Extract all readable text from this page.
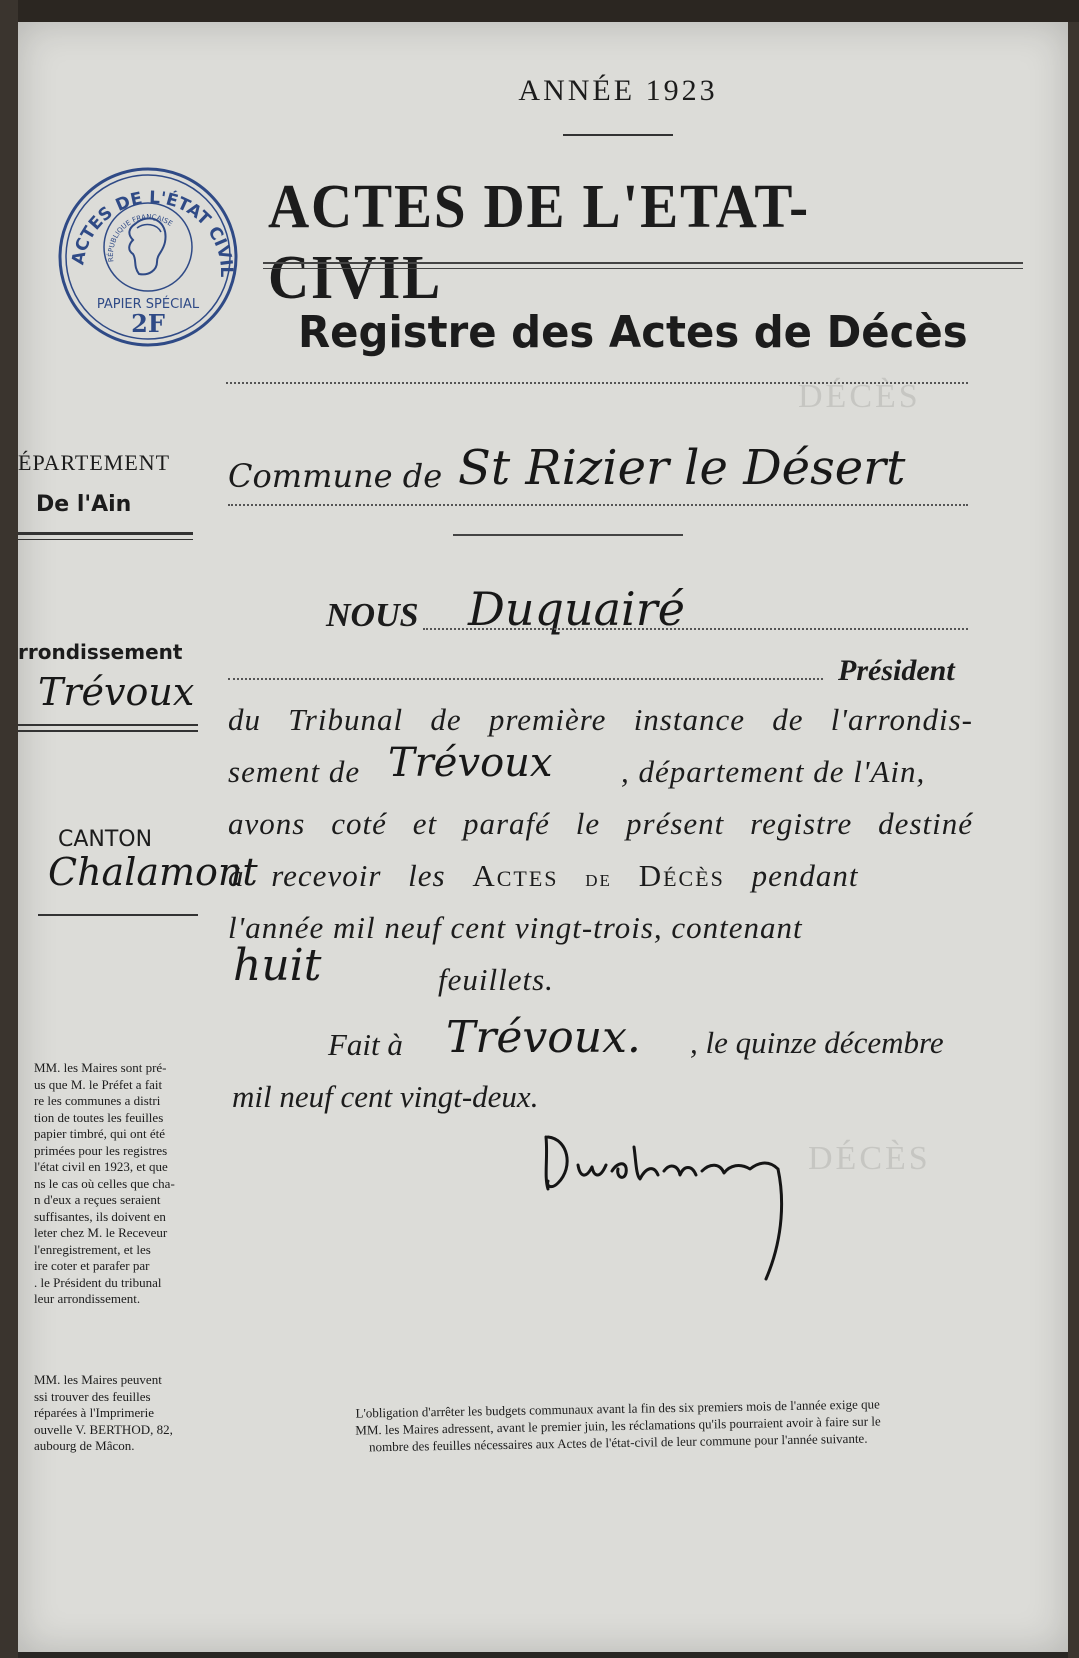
DÉCÈS
DÉCÈS
ANNÉE 1923
ACTES DE L'ETAT-CIVIL
Registre des Actes de Décès
ACTES DE L'ÉTAT CIVIL
RÉPUBLIQUE FRANÇAISE
PAPIER SPÉCIAL
2F
ÉPARTEMENT
De l'Ain
Commune de St Rizier le Désert
NOUS Duquairé
rrondissement
Trévoux	Président
du Tribunal de première instance de l'arrondis-
sement de Trévoux , département de l'Ain,
avons coté et parafé le présent registre destiné
à recevoir les Actes de Décès pendant
l'année mil neuf cent vingt-trois, contenant
huit	feuillets.
CANTON
Chalamont
Fait à Trévoux. , le quinze décembre
mil neuf cent vingt-deux.
MM. les Maires sont pré-
us que M. le Préfet a fait
re les communes a distri
tion de toutes les feuilles
papier timbré, qui ont été
primées pour les registres
l'état civil en 1923, et que
ns le cas où celles que cha-
n d'eux a reçues seraient
suffisantes, ils doivent en
leter chez M. le Receveur
l'enregistrement, et les
ire coter et parafer par
. le Président du tribunal
leur arrondissement.
MM. les Maires peuvent
ssi trouver des feuilles
réparées à l'Imprimerie
ouvelle V. BERTHOD, 82,
aubourg de Mâcon.
L'obligation d'arrêter les budgets communaux avant la fin des six premiers mois de l'année exige que
MM. les Maires adressent, avant le premier juin, les réclamations qu'ils pourraient avoir à faire sur le
nombre des feuilles nécessaires aux Actes de l'état-civil de leur commune pour l'année suivante.
